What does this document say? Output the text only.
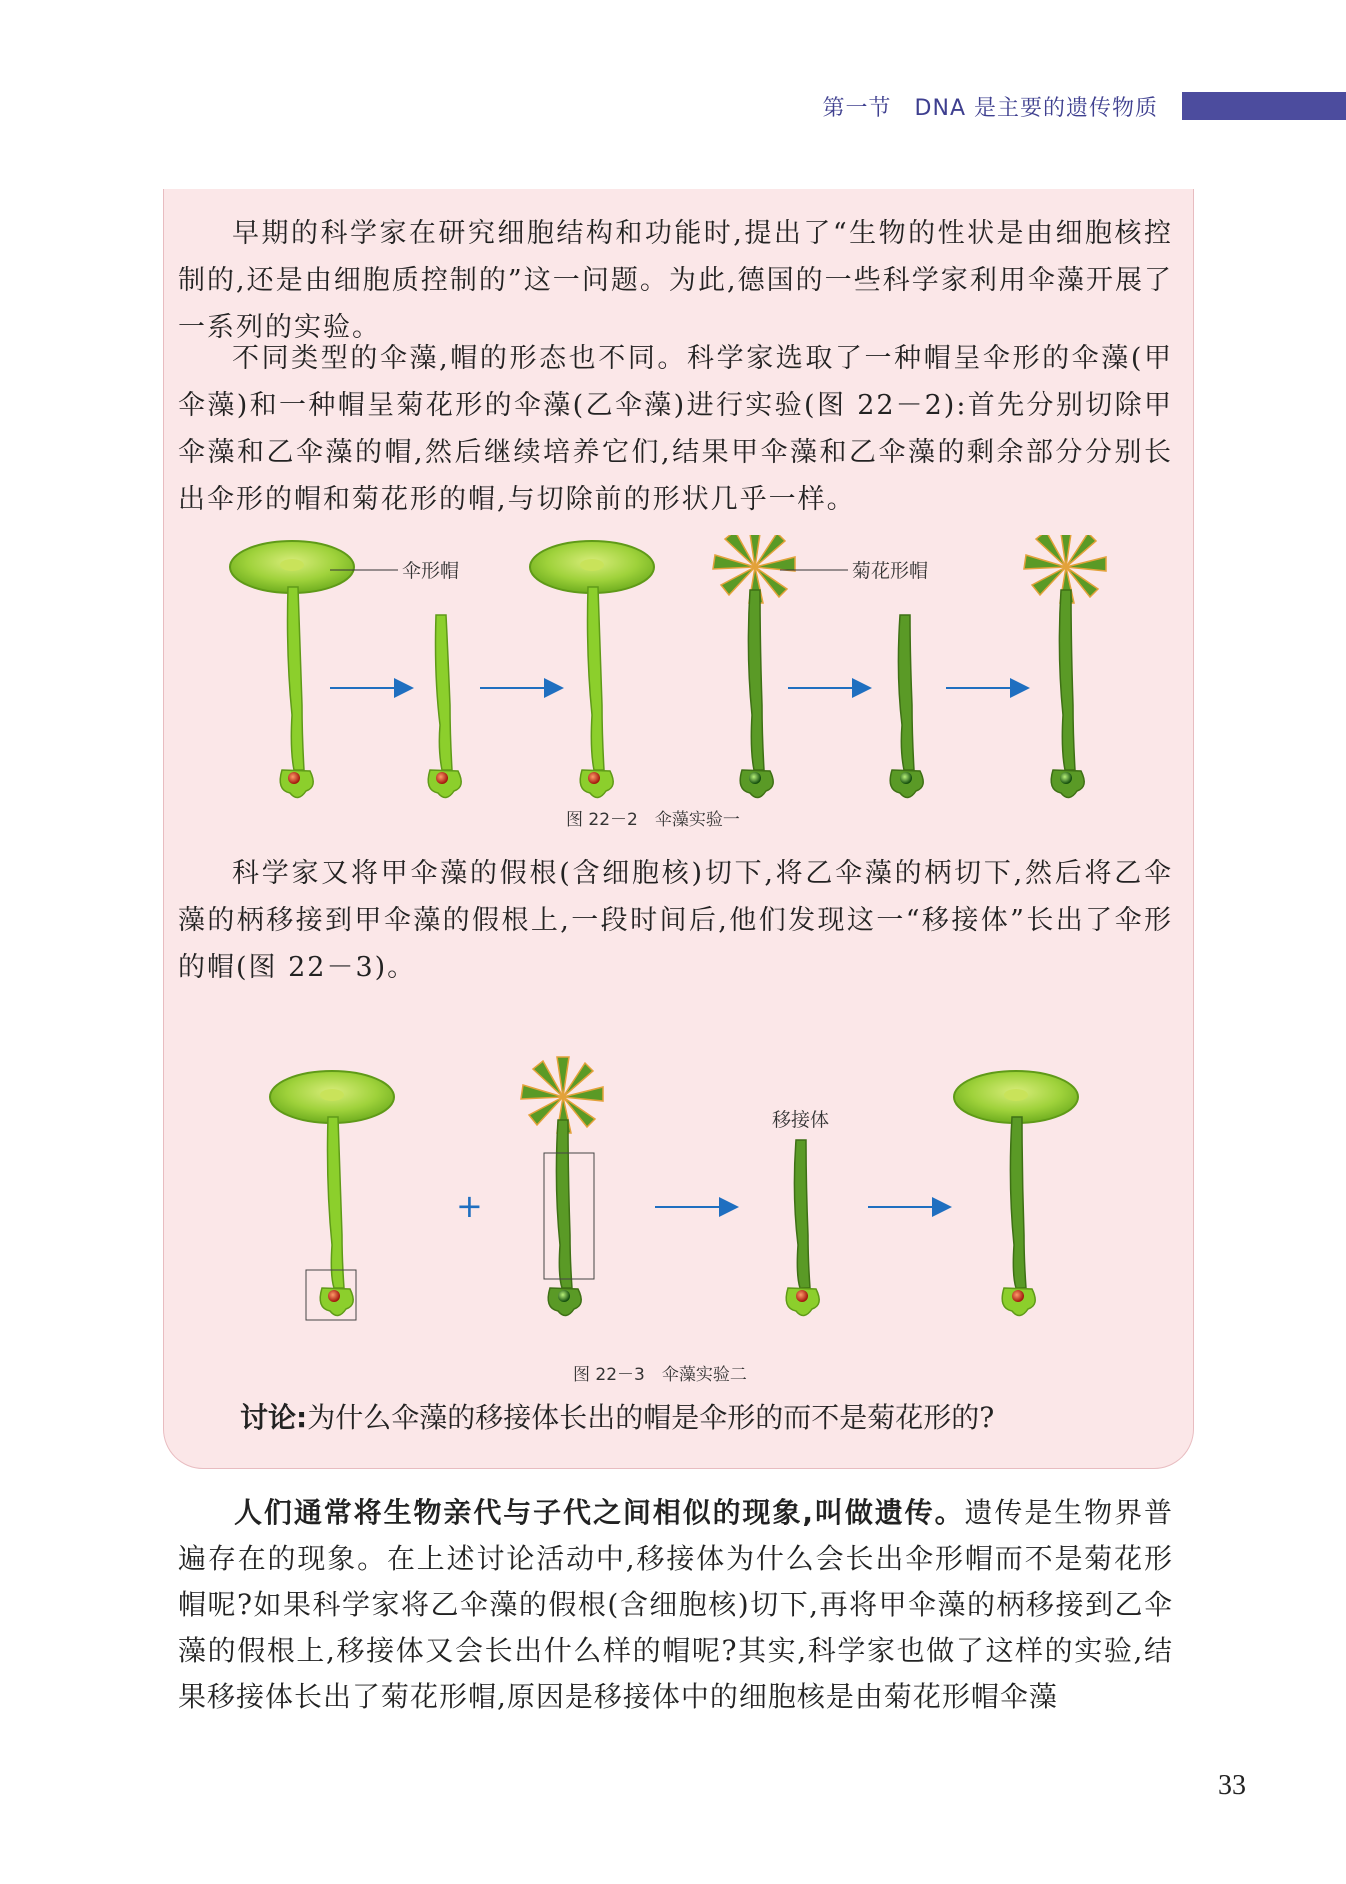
第一节　DNA 是主要的遗传物质

早期的科学家在研究细胞结构和功能时,提出了“生物的性状是由细胞核控制的,还是由细胞质控制的”这一问题。为此,德国的一些科学家利用伞藻开展了一系列的实验。

不同类型的伞藻,帽的形态也不同。科学家选取了一种帽呈伞形的伞藻(甲伞藻)和一种帽呈菊花形的伞藻(乙伞藻)进行实验(图 22－2):首先分别切除甲伞藻和乙伞藻的帽,然后继续培养它们,结果甲伞藻和乙伞藻的剩余部分分别长出伞形的帽和菊花形的帽,与切除前的形状几乎一样。

伞形帽	菊花形帽
图 22－2　伞藻实验一

科学家又将甲伞藻的假根(含细胞核)切下,将乙伞藻的柄切下,然后将乙伞藻的柄移接到甲伞藻的假根上,一段时间后,他们发现这一“移接体”长出了伞形的帽(图 22－3)。

+
移接体
图 22－3　伞藻实验二
讨论:为什么伞藻的移接体长出的帽是伞形的而不是菊花形的?

人们通常将生物亲代与子代之间相似的现象,叫做遗传。遗传是生物界普遍存在的现象。在上述讨论活动中,移接体为什么会长出伞形帽而不是菊花形帽呢?如果科学家将乙伞藻的假根(含细胞核)切下,再将甲伞藻的柄移接到乙伞藻的假根上,移接体又会长出什么样的帽呢?其实,科学家也做了这样的实验,结果移接体长出了菊花形帽,原因是移接体中的细胞核是由菊花形帽伞藻

33
